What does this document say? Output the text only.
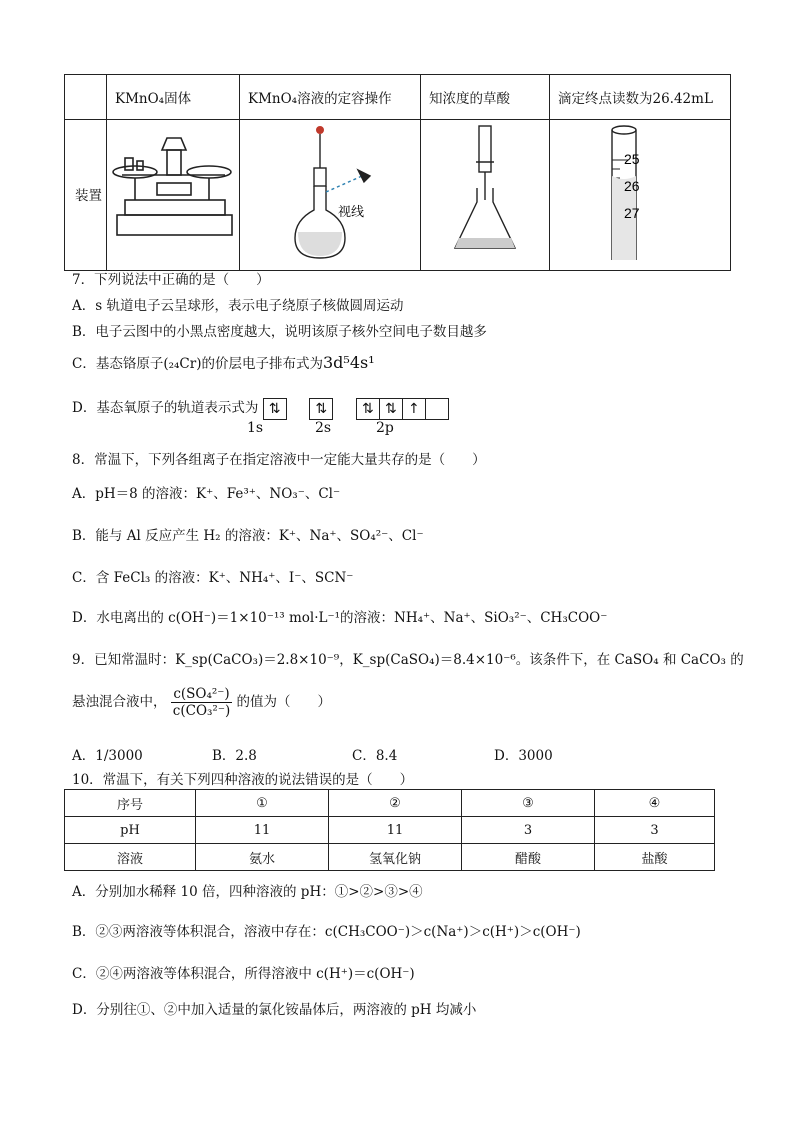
	KMnO₄固体	KMnO₄溶液的定容操作	知浓度的草酸	滴定终点读数为26.42mL

装置		视线		25
26
27
7．下列说法中正确的是（　　）
A．s 轨道电子云呈球形，表示电子绕原子核做圆周运动
B．电子云图中的小黑点密度越大，说明该原子核外空间电子数目越多
C．基态铬原子(₂₄Cr)的价层电子排布式为3d⁵4s¹
D．基态氧原子的轨道表示式为 ⇅ ⇅ ⇅ ⇅ ↑
1s	2s	2p
8．常温下，下列各组离子在指定溶液中一定能大量共存的是（　　）
A．pH＝8 的溶液：K⁺、Fe³⁺、NO₃⁻、Cl⁻
B．能与 Al 反应产生 H₂ 的溶液：K⁺、Na⁺、SO₄²⁻、Cl⁻
C．含 FeCl₃ 的溶液：K⁺、NH₄⁺、I⁻、SCN⁻
D．水电离出的 c(OH⁻)＝1×10⁻¹³ mol·L⁻¹的溶液：NH₄⁺、Na⁺、SiO₃²⁻、CH₃COO⁻
9．已知常温时：K_sp(CaCO₃)＝2.8×10⁻⁹，K_sp(CaSO₄)＝8.4×10⁻⁶。该条件下，在 CaSO₄ 和 CaCO₃ 的
悬浊混合液中， $\frac{\text{c(SO₄²⁻)}}{\text{c(CO₃²⁻)}}$ 的值为（　　）
A．1/3000	B．2.8	C．8.4	D．3000
10．常温下，有关下列四种溶液的说法错误的是（　　）
序号	①	②	③	④
pH	11	11	3	3
溶液	氨水	氢氧化钠	醋酸	盐酸
A．分别加水稀释 10 倍，四种溶液的 pH：①>②>③>④
B．②③两溶液等体积混合，溶液中存在：c(CH₃COO⁻)＞c(Na⁺)＞c(H⁺)＞c(OH⁻)
C．②④两溶液等体积混合，所得溶液中 c(H⁺)＝c(OH⁻)
D．分别往①、②中加入适量的氯化铵晶体后，两溶液的 pH 均减小
